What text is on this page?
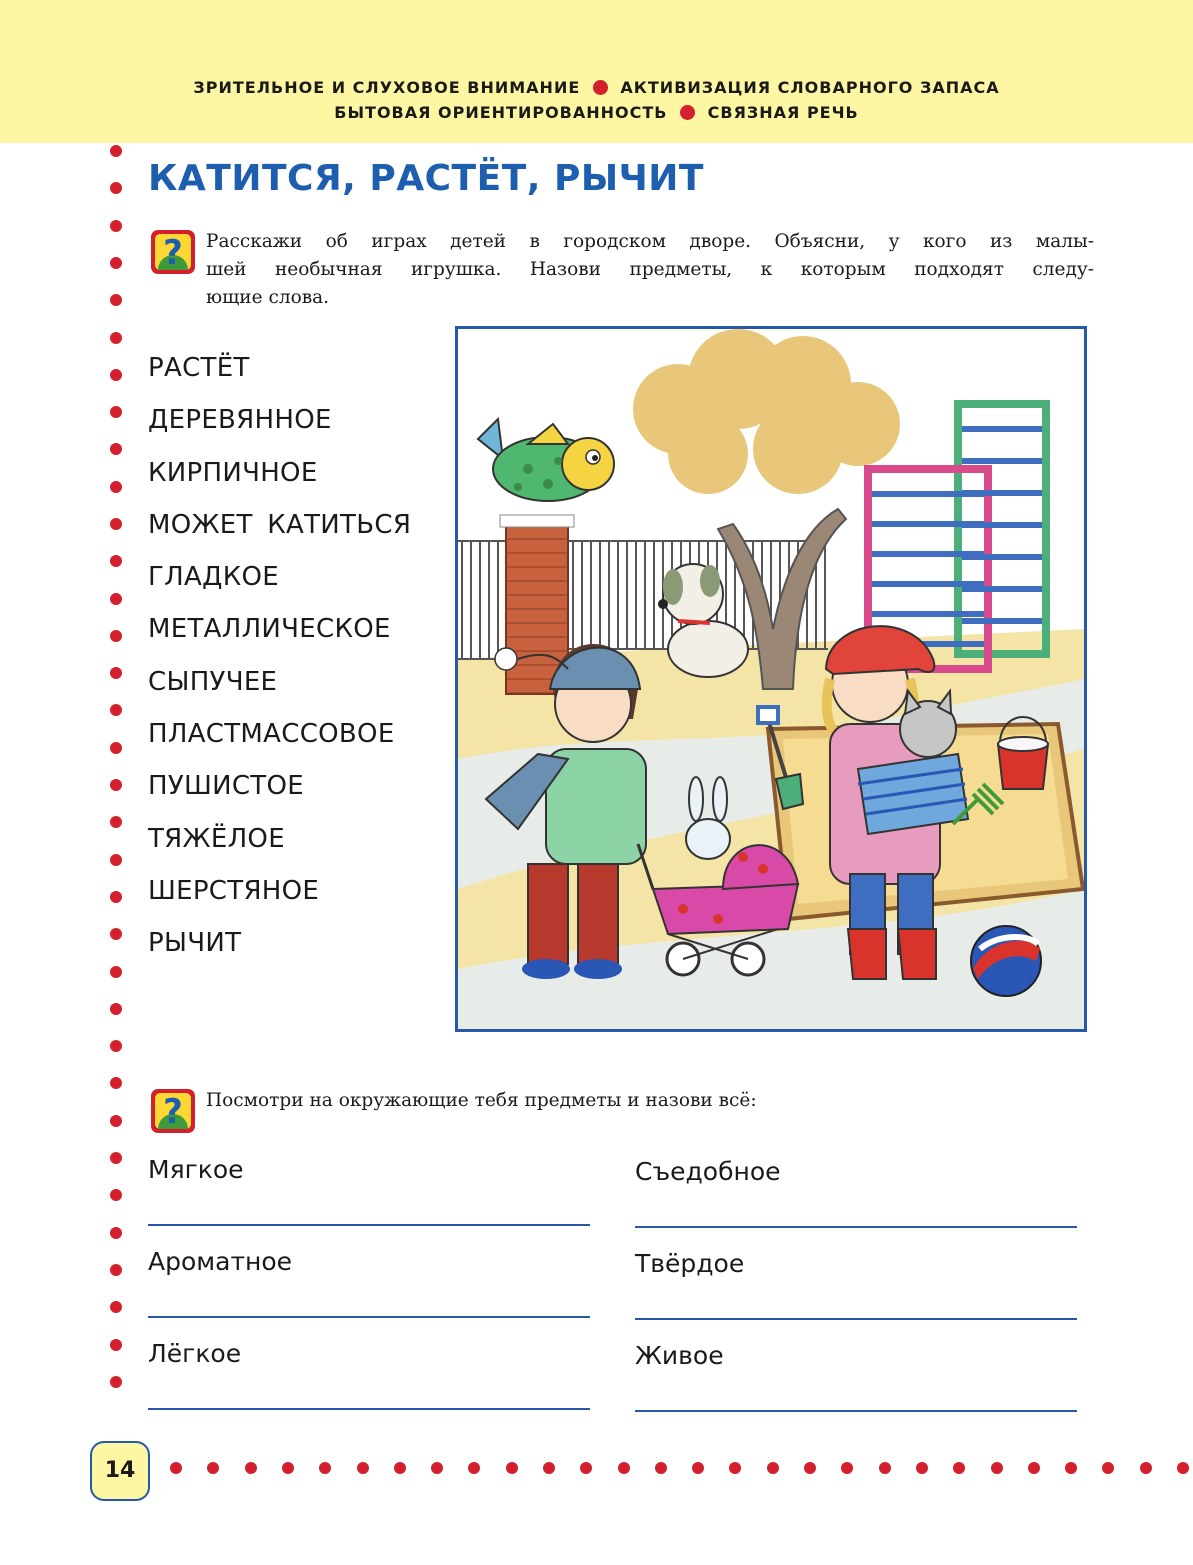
ЗРИТЕЛЬНОЕ И СЛУХОВОЕ ВНИМАНИЕ	АКТИВИЗАЦИЯ СЛОВАРНОГО ЗАПАСА
БЫТОВАЯ ОРИЕНТИРОВАННОСТЬ	СВЯЗНАЯ РЕЧЬ
КАТИТСЯ, РАСТЁТ, РЫЧИТ
? Расскажи об играх детей в городском дворе. Объясни, у кого из малы-

шей необычная игрушка. Назови предметы, к которым подходят следу-

ющие слова.

РАСТЁТ
ДЕРЕВЯННОЕ
КИРПИЧНОЕ
МОЖЕТ КАТИТЬСЯ
ГЛАДКОЕ
МЕТАЛЛИЧЕСКОЕ
СЫПУЧЕЕ
ПЛАСТМАССОВОЕ
ПУШИСТОЕ
ТЯЖЁЛОЕ
ШЕРСТЯНОЕ
РЫЧИТ
? Посмотри на окружающие тебя предметы и назови всё:

Мягкое
Ароматное
Лёгкое
Съедобное
Твёрдое
Живое
14
